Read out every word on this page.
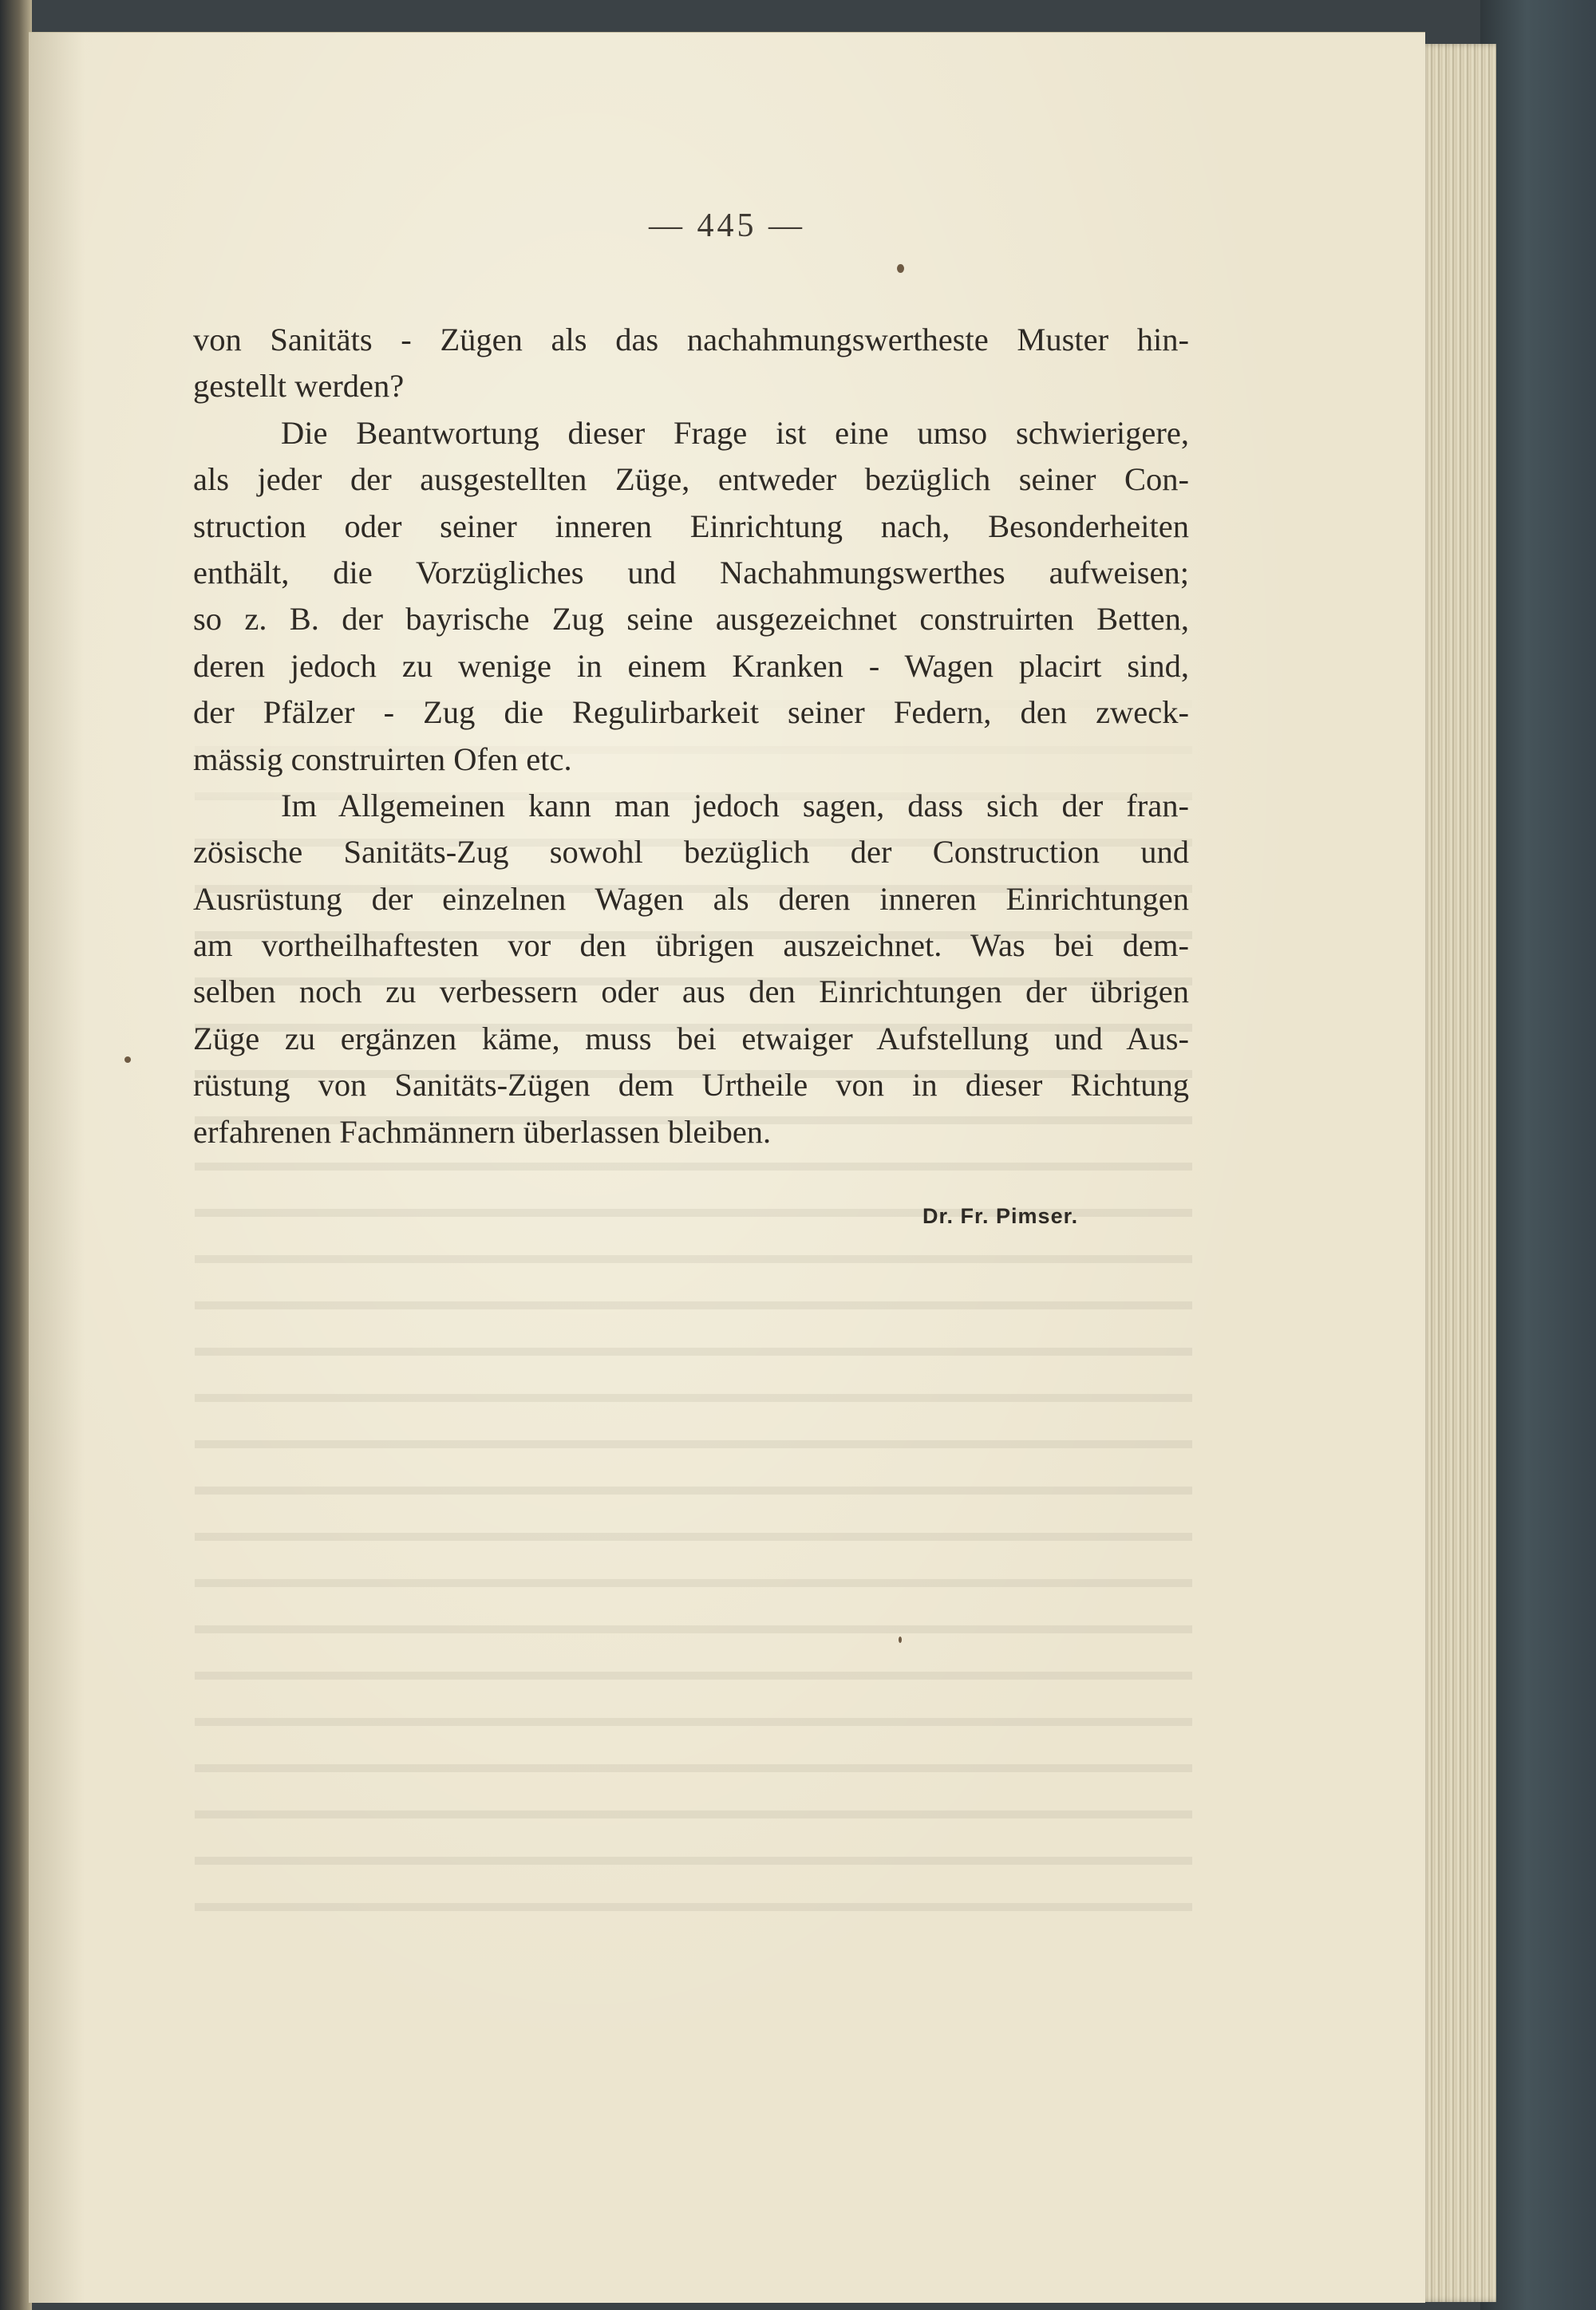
— 445 —

von Sanitäts - Zügen als das nachahmungswertheste Muster hin-
gestellt werden?
Die Beantwortung dieser Frage ist eine umso schwierigere,
als jeder der ausgestellten Züge, entweder bezüglich seiner Con-
struction oder seiner inneren Einrichtung nach, Besonderheiten
enthält, die Vorzügliches und Nachahmungswerthes aufweisen;
so z. B. der bayrische Zug seine ausgezeichnet construirten Betten,
deren jedoch zu wenige in einem Kranken - Wagen placirt sind,
der Pfälzer - Zug die Regulirbarkeit seiner Federn, den zweck-
mässig construirten Ofen etc.
Im Allgemeinen kann man jedoch sagen, dass sich der fran-
zösische Sanitäts-Zug sowohl bezüglich der Construction und
Ausrüstung der einzelnen Wagen als deren inneren Einrichtungen
am vortheilhaftesten vor den übrigen auszeichnet. Was bei dem-
selben noch zu verbessern oder aus den Einrichtungen der übrigen
Züge zu ergänzen käme, muss bei etwaiger Aufstellung und Aus-
rüstung von Sanitäts-Zügen dem Urtheile von in dieser Richtung
erfahrenen Fachmännern überlassen bleiben.

Dr. Fr. Pimser.
